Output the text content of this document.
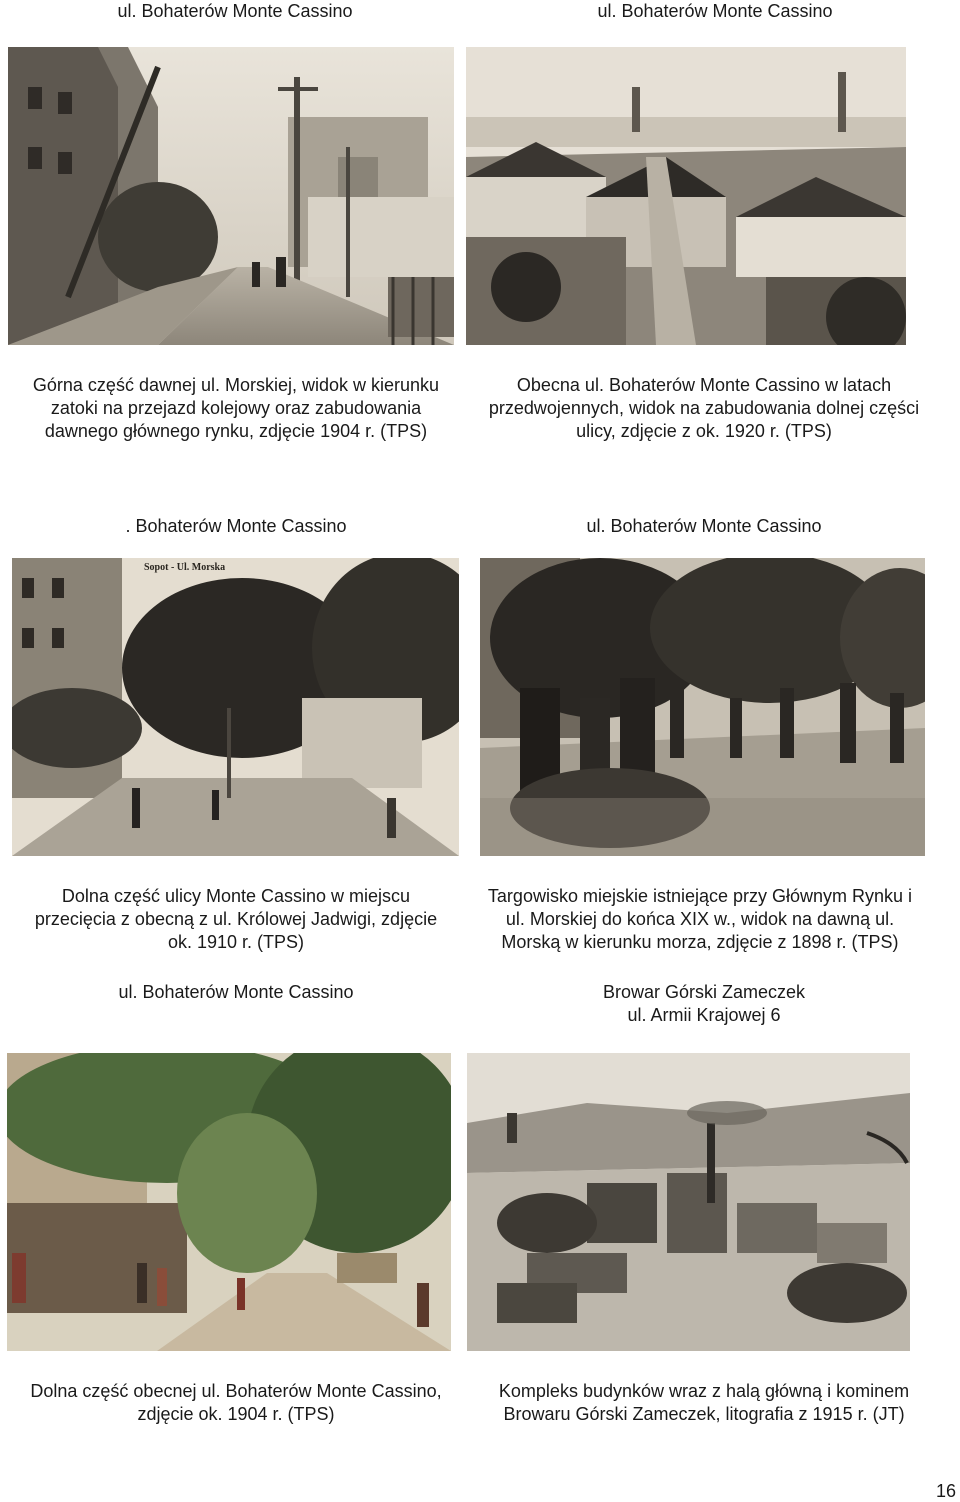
ul. Bohaterów Monte Cassino	ul. Bohaterów Monte Cassino
Górna część dawnej ul. Morskiej, widok w kierunku
zatoki na przejazd kolejowy oraz zabudowania
dawnego głównego rynku, zdjęcie 1904 r. (TPS)
Obecna ul. Bohaterów Monte Cassino w latach
przedwojennych, widok na zabudowania dolnej części
ulicy, zdjęcie z ok. 1920 r. (TPS)
. Bohaterów Monte Cassino	ul. Bohaterów Monte Cassino
Sopot - Ul. Morska
Dolna część ulicy Monte Cassino w miejscu
przecięcia z obecną z ul. Królowej Jadwigi, zdjęcie
ok. 1910 r. (TPS)
Targowisko miejskie istniejące przy Głównym Rynku i
ul. Morskiej do końca XIX w., widok na dawną ul.
Morską w kierunku morza, zdjęcie z 1898 r. (TPS)
ul. Bohaterów Monte Cassino	Browar Górski Zameczek
ul. Armii Krajowej 6
Dolna część obecnej ul. Bohaterów Monte Cassino,
zdjęcie ok. 1904 r. (TPS)
Kompleks budynków wraz z halą główną i kominem
Browaru Górski Zameczek, litografia z 1915 r. (JT)
16
